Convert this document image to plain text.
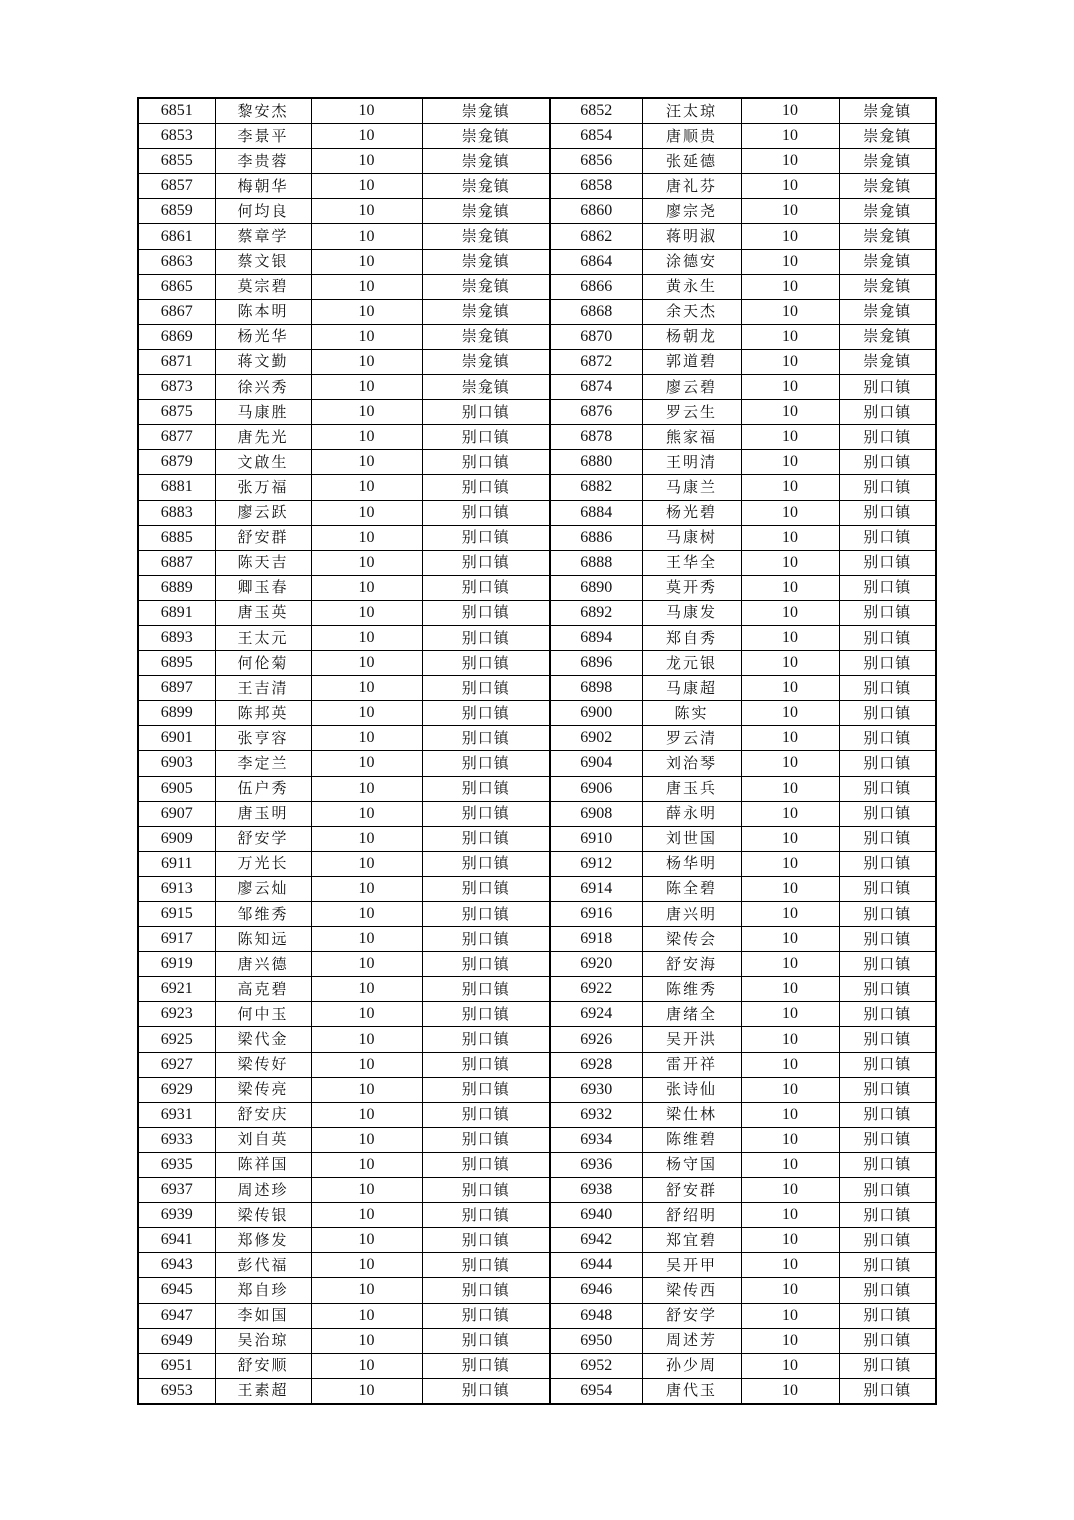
6851	黎安杰	10	崇龛镇	6852	汪太琼	10	崇龛镇
6853	李景平	10	崇龛镇	6854	唐顺贵	10	崇龛镇
6855	李贵蓉	10	崇龛镇	6856	张延德	10	崇龛镇
6857	梅朝华	10	崇龛镇	6858	唐礼芬	10	崇龛镇
6859	何均良	10	崇龛镇	6860	廖宗尧	10	崇龛镇
6861	蔡章学	10	崇龛镇	6862	蒋明淑	10	崇龛镇
6863	蔡文银	10	崇龛镇	6864	涂德安	10	崇龛镇
6865	莫宗碧	10	崇龛镇	6866	黄永生	10	崇龛镇
6867	陈本明	10	崇龛镇	6868	余天杰	10	崇龛镇
6869	杨光华	10	崇龛镇	6870	杨朝龙	10	崇龛镇
6871	蒋文勤	10	崇龛镇	6872	郭道碧	10	崇龛镇
6873	徐兴秀	10	崇龛镇	6874	廖云碧	10	别口镇
6875	马康胜	10	别口镇	6876	罗云生	10	别口镇
6877	唐先光	10	别口镇	6878	熊家福	10	别口镇
6879	文啟生	10	别口镇	6880	王明清	10	别口镇
6881	张万福	10	别口镇	6882	马康兰	10	别口镇
6883	廖云跃	10	别口镇	6884	杨光碧	10	别口镇
6885	舒安群	10	别口镇	6886	马康树	10	别口镇
6887	陈天吉	10	别口镇	6888	王华全	10	别口镇
6889	卿玉春	10	别口镇	6890	莫开秀	10	别口镇
6891	唐玉英	10	别口镇	6892	马康发	10	别口镇
6893	王太元	10	别口镇	6894	郑自秀	10	别口镇
6895	何伦菊	10	别口镇	6896	龙元银	10	别口镇
6897	王吉清	10	别口镇	6898	马康超	10	别口镇
6899	陈邦英	10	别口镇	6900	陈实	10	别口镇
6901	张亨容	10	别口镇	6902	罗云清	10	别口镇
6903	李定兰	10	别口镇	6904	刘治琴	10	别口镇
6905	伍户秀	10	别口镇	6906	唐玉兵	10	别口镇
6907	唐玉明	10	别口镇	6908	薛永明	10	别口镇
6909	舒安学	10	别口镇	6910	刘世国	10	别口镇
6911	万光长	10	别口镇	6912	杨华明	10	别口镇
6913	廖云灿	10	别口镇	6914	陈全碧	10	别口镇
6915	邹维秀	10	别口镇	6916	唐兴明	10	别口镇
6917	陈知远	10	别口镇	6918	梁传会	10	别口镇
6919	唐兴德	10	别口镇	6920	舒安海	10	别口镇
6921	高克碧	10	别口镇	6922	陈维秀	10	别口镇
6923	何中玉	10	别口镇	6924	唐绪全	10	别口镇
6925	梁代金	10	别口镇	6926	吴开洪	10	别口镇
6927	梁传好	10	别口镇	6928	雷开祥	10	别口镇
6929	梁传亮	10	别口镇	6930	张诗仙	10	别口镇
6931	舒安庆	10	别口镇	6932	梁仕林	10	别口镇
6933	刘自英	10	别口镇	6934	陈维碧	10	别口镇
6935	陈祥国	10	别口镇	6936	杨守国	10	别口镇
6937	周述珍	10	别口镇	6938	舒安群	10	别口镇
6939	梁传银	10	别口镇	6940	舒绍明	10	别口镇
6941	郑修发	10	别口镇	6942	郑宜碧	10	别口镇
6943	彭代福	10	别口镇	6944	吴开甲	10	别口镇
6945	郑自珍	10	别口镇	6946	梁传西	10	别口镇
6947	李如国	10	别口镇	6948	舒安学	10	别口镇
6949	吴治琼	10	别口镇	6950	周述芳	10	别口镇
6951	舒安顺	10	别口镇	6952	孙少周	10	别口镇
6953	王素超	10	别口镇	6954	唐代玉	10	别口镇
